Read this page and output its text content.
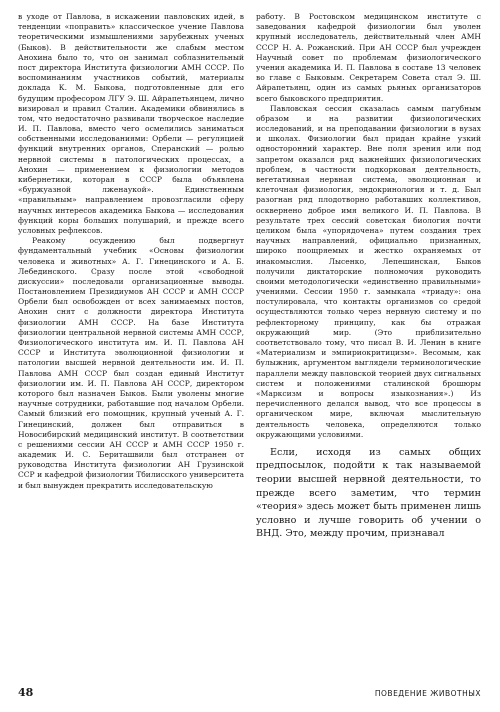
в уходе от Павлова, в искажении павловских идей, в тенденции «поправить» классическое учение Павлова теоретическими измышлениями зарубежных ученых (Быков). В действительности же слабым местом Анохина было то, что он занимал соблазнительный пост директора Института физиологии АМН СССР. По воспоминаниям участников событий, материалы доклада К. М. Быкова, подготовленные для его будущим професором ЛГУ Э. Ш. Айрапетьянцем, лично визировал и правил Сталин. Академики обвинялись в том, что недостаточно развивали творческое наследие И. П. Павлова, вместо чего осмелились заниматься собственными исследованиями: Орбели — регуляцией функций внутренних органов, Сперанский — ролью нервной системы в патологических процессах, а Анохин — применением к физиологии методов кибернетики, которая в СССР была объявлена «буржуазной лженаукой». Единственным «правильным» направлением провозгласили сферу научных интересов академика Быкова — исследования функций коры больших полушарий, и прежде всего условных рефлексов.

Реакому осуждению был подвергнут фундаментальный учебник «Основы физиологии человека и животных» А. Г. Гинецинского и А. Б. Лебединского. Сразу после этой «свободной дискуссии» последовали организационные выводы. Постановлением Президиумов АН СССР и АМН СССР Орбели был освобожден от всех занимаемых постов, Анохин снят с должности директора Института физиологии АМН СССР. На базе Института физиологии центральной нервной системы АМН СССР, Физиологического института им. И. П. Павлова АН СССР и Института эволюционной физиологии и патологии высшей нервной деятельности им. И. П. Павлова АМН СССР был создан единый Институт физиологии им. И. П. Павлова АН СССР, директором которого был назначен Быков. Были уволены многие научные сотрудники, работавшие под началом Орбели. Самый близкий его помощник, крупный ученый А. Г. Гинецинский, должен был отправиться в Новосибирский медицинский институт. В соответствии с решениями сессии АН СССР и АМН СССР 1950 г. академик И. С. Бериташвили был отстранен от руководства Института физиологии АН Грузинской ССР и кафедрой физиологии Тбилисского университета и был вынужден прекратить исследовательскую

работу. В Ростовском медицинском институте с заведования кафедрой физиологии был уволен крупный исследователь, действительный член АМН СССР Н. А. Рожанский. При АН СССР был учрежден Научный совет по проблемам физиологического учения академика И. П. Павлова в составе 13 человек во главе с Быковым. Секретарем Совета стал Э. Ш. Айрапетьянц, один из самых рьяных организаторов всего быковского предприятия.

Павловская сессия сказалась самым пагубным образом и на развитии физиологических исследований, и на преподавании физиологии в вузах и школах. Физиологии был придан крайне узкий односторонний характер. Вне поля зрения или под запретом оказался ряд важнейших физиологических проблем, в частности подкорковая деятельность, вегетативная нервная система, эволюционная и клеточная физиология, эндокринология и т. д. Был разогнан ряд плодотворно работавших коллективов, оскверненo доброе имя великого И. П. Павлова. В результате трех сессий советская биология почти целиком была «упорядочена» путем создания трех научных направлений, официально признанных, широко поощряемых и жестко охраняемых от инакомыслия. Лысенко, Лепешинская, Быков получили диктаторские полномочия руководить своими методологически «единственно правильными» учениями. Сессии 1950 г. замыкала «триаду»: она постулировала, что контакты организмов со средой осуществляются только через нервную систему и по рефлекторному принципу, как бы отражая окружающий мир. (Это приблизительно соответствовало тому, что писал В. И. Ленин в книге «Материализм и эмпириокритицизм». Весомым, как булыжник, аргументом выглядели терминологические параллели между павловской теорией двух сигнальных систем и положениями сталинской брошюры «Марксизм и вопросы языкознания».) Из перечисленного делался вывод, что все процессы в органическом мире, включая мыслительную деятельность человека, определяются только окружающими условиями.

Если, исходя из самых общих предпосылок, подойти к так называемой теории высшей нервной деятельности, то прежде всего заметим, что термин «теория» здесь может быть применен лишь условно и лучше говорить об учении о ВНД. Это, между прочим, признавал

48	ПОВЕДЕНИЕ ЖИВОТНЫХ
